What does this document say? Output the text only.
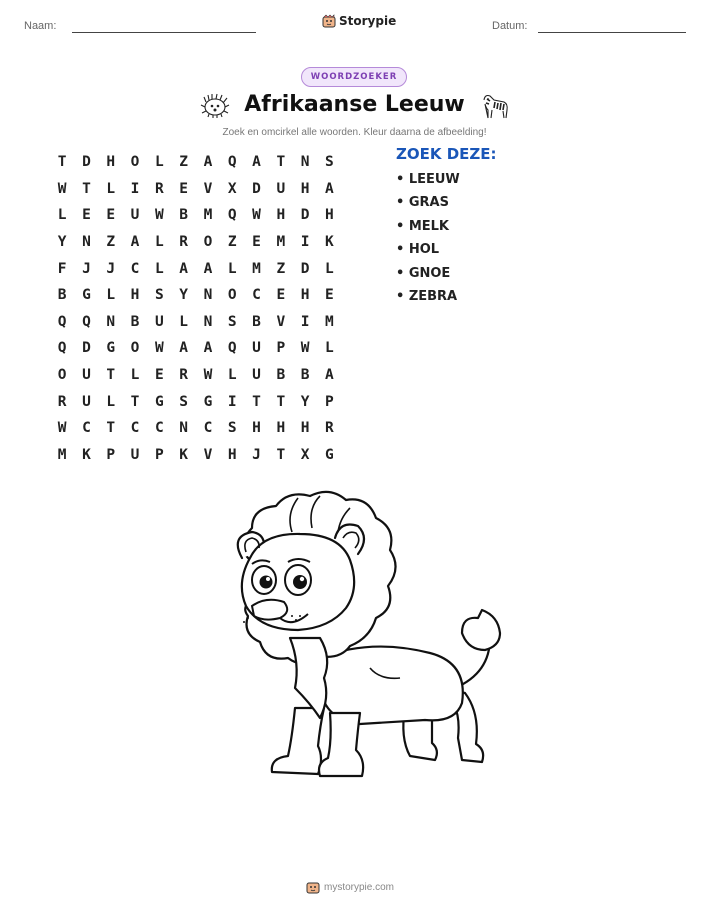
Naam:	Storypie	Datum:
WOORDZOEKER
Afrikaanse Leeuw
Zoek en omcirkel alle woorden. Kleur daarna de afbeelding!
T	D	H	O	L	Z	A	Q	A	T	N	S
W	T	L	I	R	E	V	X	D	U	H	A
L	E	E	U	W	B	M	Q	W	H	D	H
Y	N	Z	A	L	R	O	Z	E	M	I	K
F	J	J	C	L	A	A	L	M	Z	D	L
B	G	L	H	S	Y	N	O	C	E	H	E
Q	Q	N	B	U	L	N	S	B	V	I	M
Q	D	G	O	W	A	A	Q	U	P	W	L
O	U	T	L	E	R	W	L	U	B	B	A
R	U	L	T	G	S	G	I	T	T	Y	P
W	C	T	C	C	N	C	S	H	H	H	R
M	K	P	U	P	K	V	H	J	T	X	G
ZOEK DEZE:
• LEEUW
• GRAS
• MELK
• HOL
• GNOE
• ZEBRA
mystorypie.com
